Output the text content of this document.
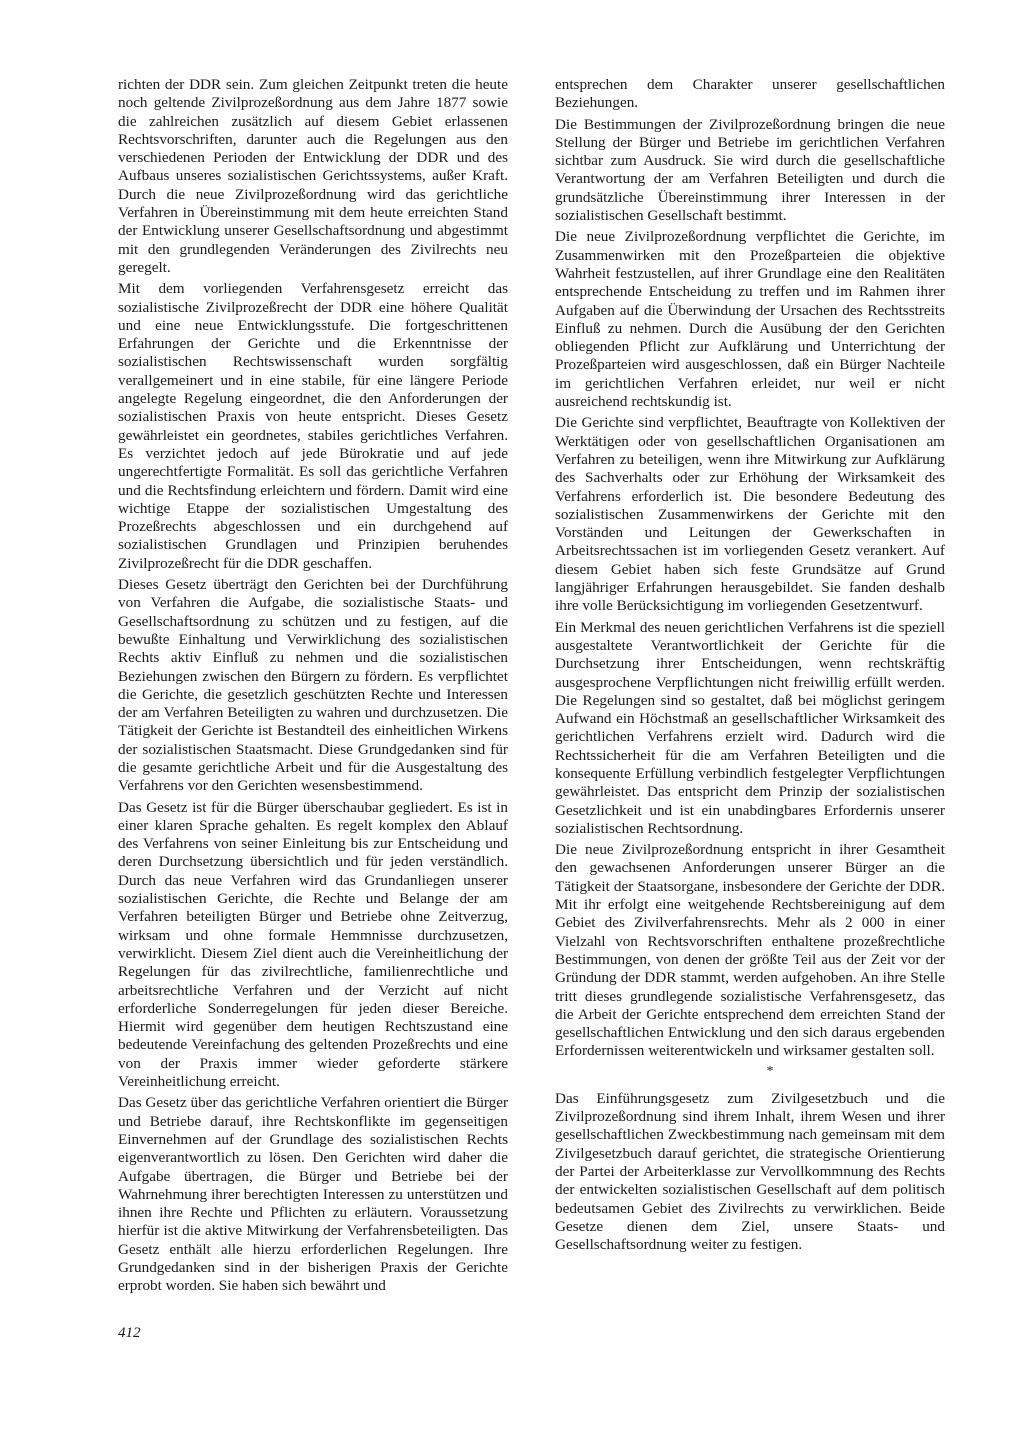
richten der DDR sein. Zum gleichen Zeitpunkt treten die heute noch geltende Zivilprozeßordnung aus dem Jahre 1877 sowie die zahlreichen zusätzlich auf diesem Gebiet erlassenen Rechtsvorschriften, darunter auch die Regelungen aus den verschiedenen Perioden der Entwicklung der DDR und des Aufbaus unseres sozialistischen Gerichtssystems, außer Kraft. Durch die neue Zivilprozeßordnung wird das gerichtliche Verfahren in Übereinstimmung mit dem heute erreichten Stand der Entwicklung unserer Gesellschaftsordnung und abgestimmt mit den grundlegenden Veränderungen des Zivilrechts neu geregelt.

Mit dem vorliegenden Verfahrensgesetz erreicht das sozialistische Zivilprozeßrecht der DDR eine höhere Qualität und eine neue Entwicklungsstufe. Die fortgeschrittenen Erfahrungen der Gerichte und die Erkenntnisse der sozialistischen Rechtswissenschaft wurden sorgfältig verallgemeinert und in eine stabile, für eine längere Periode angelegte Regelung eingeordnet, die den Anforderungen der sozialistischen Praxis von heute entspricht. Dieses Gesetz gewährleistet ein geordnetes, stabiles gerichtliches Verfahren. Es verzichtet jedoch auf jede Bürokratie und auf jede ungerechtfertigte Formalität. Es soll das gerichtliche Verfahren und die Rechtsfindung erleichtern und fördern. Damit wird eine wichtige Etappe der sozialistischen Umgestaltung des Prozeßrechts abgeschlossen und ein durchgehend auf sozialistischen Grundlagen und Prinzipien beruhendes Zivilprozeßrecht für die DDR geschaffen.

Dieses Gesetz überträgt den Gerichten bei der Durchführung von Verfahren die Aufgabe, die sozialistische Staats- und Gesellschaftsordnung zu schützen und zu festigen, auf die bewußte Einhaltung und Verwirklichung des sozialistischen Rechts aktiv Einfluß zu nehmen und die sozialistischen Beziehungen zwischen den Bürgern zu fördern. Es verpflichtet die Gerichte, die gesetzlich geschützten Rechte und Interessen der am Verfahren Beteiligten zu wahren und durchzusetzen. Die Tätigkeit der Gerichte ist Bestandteil des einheitlichen Wirkens der sozialistischen Staatsmacht. Diese Grundgedanken sind für die gesamte gerichtliche Arbeit und für die Ausgestaltung des Verfahrens vor den Gerichten wesensbestimmend.

Das Gesetz ist für die Bürger überschaubar gegliedert. Es ist in einer klaren Sprache gehalten. Es regelt komplex den Ablauf des Verfahrens von seiner Einleitung bis zur Entscheidung und deren Durchsetzung übersichtlich und für jeden verständlich. Durch das neue Verfahren wird das Grundanliegen unserer sozialistischen Gerichte, die Rechte und Belange der am Verfahren beteiligten Bürger und Betriebe ohne Zeitverzug, wirksam und ohne formale Hemmnisse durchzusetzen, verwirklicht. Diesem Ziel dient auch die Vereinheitlichung der Regelungen für das zivilrechtliche, familienrechtliche und arbeitsrechtliche Verfahren und der Verzicht auf nicht erforderliche Sonderregelungen für jeden dieser Bereiche. Hiermit wird gegenüber dem heutigen Rechtszustand eine bedeutende Vereinfachung des geltenden Prozeßrechts und eine von der Praxis immer wieder geforderte stärkere Vereinheitlichung erreicht.

Das Gesetz über das gerichtliche Verfahren orientiert die Bürger und Betriebe darauf, ihre Rechtskonflikte im gegenseitigen Einvernehmen auf der Grundlage des sozialistischen Rechts eigenverantwortlich zu lösen. Den Gerichten wird daher die Aufgabe übertragen, die Bürger und Betriebe bei der Wahrnehmung ihrer berechtigten Interessen zu unterstützen und ihnen ihre Rechte und Pflichten zu erläutern. Voraussetzung hierfür ist die aktive Mitwirkung der Verfahrensbeteiligten. Das Gesetz enthält alle hierzu erforderlichen Regelungen. Ihre Grundgedanken sind in der bisherigen Praxis der Gerichte erprobt worden. Sie haben sich bewährt und

entsprechen dem Charakter unserer gesellschaftlichen Beziehungen.

Die Bestimmungen der Zivilprozeßordnung bringen die neue Stellung der Bürger und Betriebe im gerichtlichen Verfahren sichtbar zum Ausdruck. Sie wird durch die gesellschaftliche Verantwortung der am Verfahren Beteiligten und durch die grundsätzliche Übereinstimmung ihrer Interessen in der sozialistischen Gesellschaft bestimmt.

Die neue Zivilprozeßordnung verpflichtet die Gerichte, im Zusammenwirken mit den Prozeßparteien die objektive Wahrheit festzustellen, auf ihrer Grundlage eine den Realitäten entsprechende Entscheidung zu treffen und im Rahmen ihrer Aufgaben auf die Überwindung der Ursachen des Rechtsstreits Einfluß zu nehmen. Durch die Ausübung der den Gerichten obliegenden Pflicht zur Aufklärung und Unterrichtung der Prozeßparteien wird ausgeschlossen, daß ein Bürger Nachteile im gerichtlichen Verfahren erleidet, nur weil er nicht ausreichend rechtskundig ist.

Die Gerichte sind verpflichtet, Beauftragte von Kollektiven der Werktätigen oder von gesellschaftlichen Organisationen am Verfahren zu beteiligen, wenn ihre Mitwirkung zur Aufklärung des Sachverhalts oder zur Erhöhung der Wirksamkeit des Verfahrens erforderlich ist. Die besondere Bedeutung des sozialistischen Zusammenwirkens der Gerichte mit den Vorständen und Leitungen der Gewerkschaften in Arbeitsrechtssachen ist im vorliegenden Gesetz verankert. Auf diesem Gebiet haben sich feste Grundsätze auf Grund langjähriger Erfahrungen herausgebildet. Sie fanden deshalb ihre volle Berücksichtigung im vorliegenden Gesetzentwurf.

Ein Merkmal des neuen gerichtlichen Verfahrens ist die speziell ausgestaltete Verantwortlichkeit der Gerichte für die Durchsetzung ihrer Entscheidungen, wenn rechtskräftig ausgesprochene Verpflichtungen nicht freiwillig erfüllt werden. Die Regelungen sind so gestaltet, daß bei möglichst geringem Aufwand ein Höchstmaß an gesellschaftlicher Wirksamkeit des gerichtlichen Verfahrens erzielt wird. Dadurch wird die Rechtssicherheit für die am Verfahren Beteiligten und die konsequente Erfüllung verbindlich festgelegter Verpflichtungen gewährleistet. Das entspricht dem Prinzip der sozialistischen Gesetzlichkeit und ist ein unabdingbares Erfordernis unserer sozialistischen Rechtsordnung.

Die neue Zivilprozeßordnung entspricht in ihrer Gesamtheit den gewachsenen Anforderungen unserer Bürger an die Tätigkeit der Staatsorgane, insbesondere der Gerichte der DDR. Mit ihr erfolgt eine weitgehende Rechtsbereinigung auf dem Gebiet des Zivilverfahrensrechts. Mehr als 2 000 in einer Vielzahl von Rechtsvorschriften enthaltene prozeßrechtliche Bestimmungen, von denen der größte Teil aus der Zeit vor der Gründung der DDR stammt, werden aufgehoben. An ihre Stelle tritt dieses grundlegende sozialistische Verfahrensgesetz, das die Arbeit der Gerichte entsprechend dem erreichten Stand der gesellschaftlichen Entwicklung und den sich daraus ergebenden Erfordernissen weiterentwickeln und wirksamer gestalten soll.

*

Das Einführungsgesetz zum Zivilgesetzbuch und die Zivilprozeßordnung sind ihrem Inhalt, ihrem Wesen und ihrer gesellschaftlichen Zweckbestimmung nach gemeinsam mit dem Zivilgesetzbuch darauf gerichtet, die strategische Orientierung der Partei der Arbeiterklasse zur Vervollkommnung des Rechts der entwickelten sozialistischen Gesellschaft auf dem politisch bedeutsamen Gebiet des Zivilrechts zu verwirklichen. Beide Gesetze dienen dem Ziel, unsere Staats- und Gesellschaftsordnung weiter zu festigen.

412
